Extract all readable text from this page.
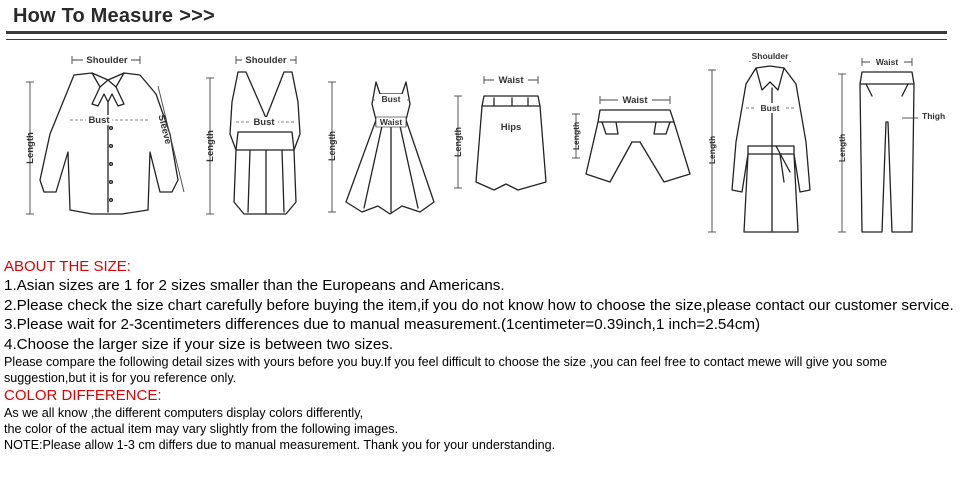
How To Measure >>>
Shoulder
Bust
Length
Sleeve
Shoulder
Bust
Length
Bust
Waist
Length
Waist
Hips
Length
Waist
Length
Shoulder
Bust
Length
Waist
Thigh
Length
ABOUT THE SIZE:
1.Asian sizes are 1 for 2 sizes smaller than the Europeans and Americans.
2.Please check the size chart carefully before buying the item,if you do not know how to choose the size,please contact our customer service.
3.Please wait for 2-3centimeters differences due to manual measurement.(1centimeter=0.39inch,1 inch=2.54cm)
4.Choose the larger size if your size is between two sizes.
Please compare the following detail sizes with yours before you buy.If you feel difficult to choose the size ,you can feel free to contact mewe will give you some suggestion,but it is for you reference only.
COLOR DIFFERENCE:
As we all know ,the different computers display colors differently,
the color of the actual item may vary slightly from the following images.
NOTE:Please allow 1-3 cm differs due to manual measurement. Thank you for your understanding.
